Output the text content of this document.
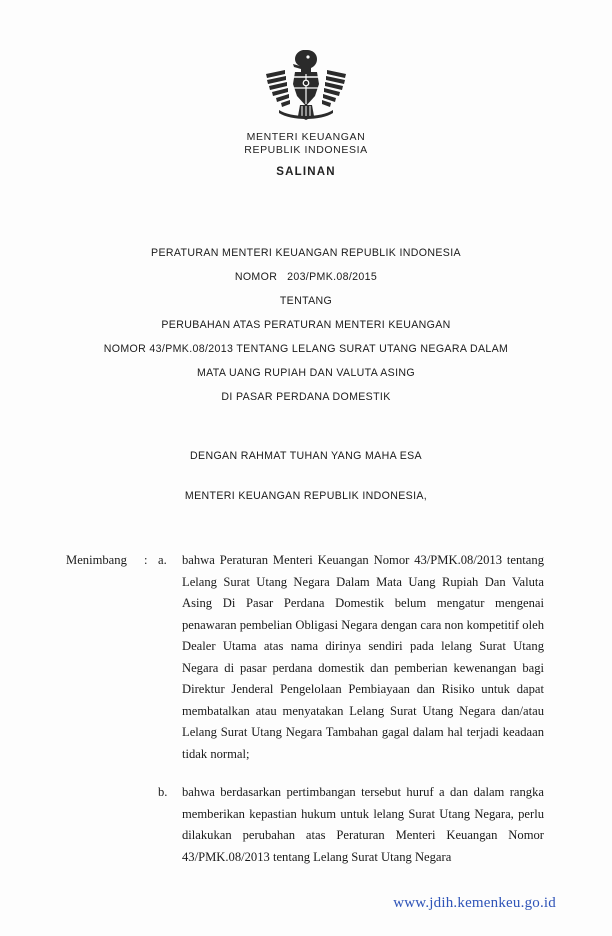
MENTERI KEUANGAN
REPUBLIK INDONESIA
SALINAN
PERATURAN MENTERI KEUANGAN REPUBLIK INDONESIA
NOMOR   203/PMK.08/2015
TENTANG
PERUBAHAN ATAS PERATURAN MENTERI KEUANGAN
NOMOR 43/PMK.08/2013 TENTANG LELANG SURAT UTANG NEGARA DALAM
MATA UANG RUPIAH DAN VALUTA ASING
DI PASAR PERDANA DOMESTIK
DENGAN RAHMAT TUHAN YANG MAHA ESA
MENTERI KEUANGAN REPUBLIK INDONESIA,
Menimbang	: a.	bahwa Peraturan Menteri Keuangan Nomor 43/PMK.08/2013 tentang Lelang Surat Utang Negara Dalam Mata Uang Rupiah Dan Valuta Asing Di Pasar Perdana Domestik belum mengatur mengenai penawaran pembelian Obligasi Negara dengan cara non kompetitif oleh Dealer Utama atas nama dirinya sendiri pada lelang Surat Utang Negara di pasar perdana domestik dan pemberian kewenangan bagi Direktur Jenderal Pengelolaan Pembiayaan dan Risiko untuk dapat membatalkan atau menyatakan Lelang Surat Utang Negara dan/atau Lelang Surat Utang Negara Tambahan gagal dalam hal terjadi keadaan tidak normal;
b.	bahwa berdasarkan pertimbangan tersebut huruf a dan dalam rangka memberikan kepastian hukum untuk lelang Surat Utang Negara, perlu dilakukan perubahan atas Peraturan Menteri Keuangan Nomor 43/PMK.08/2013 tentang Lelang Surat Utang Negara
www.jdih.kemenkeu.go.id
